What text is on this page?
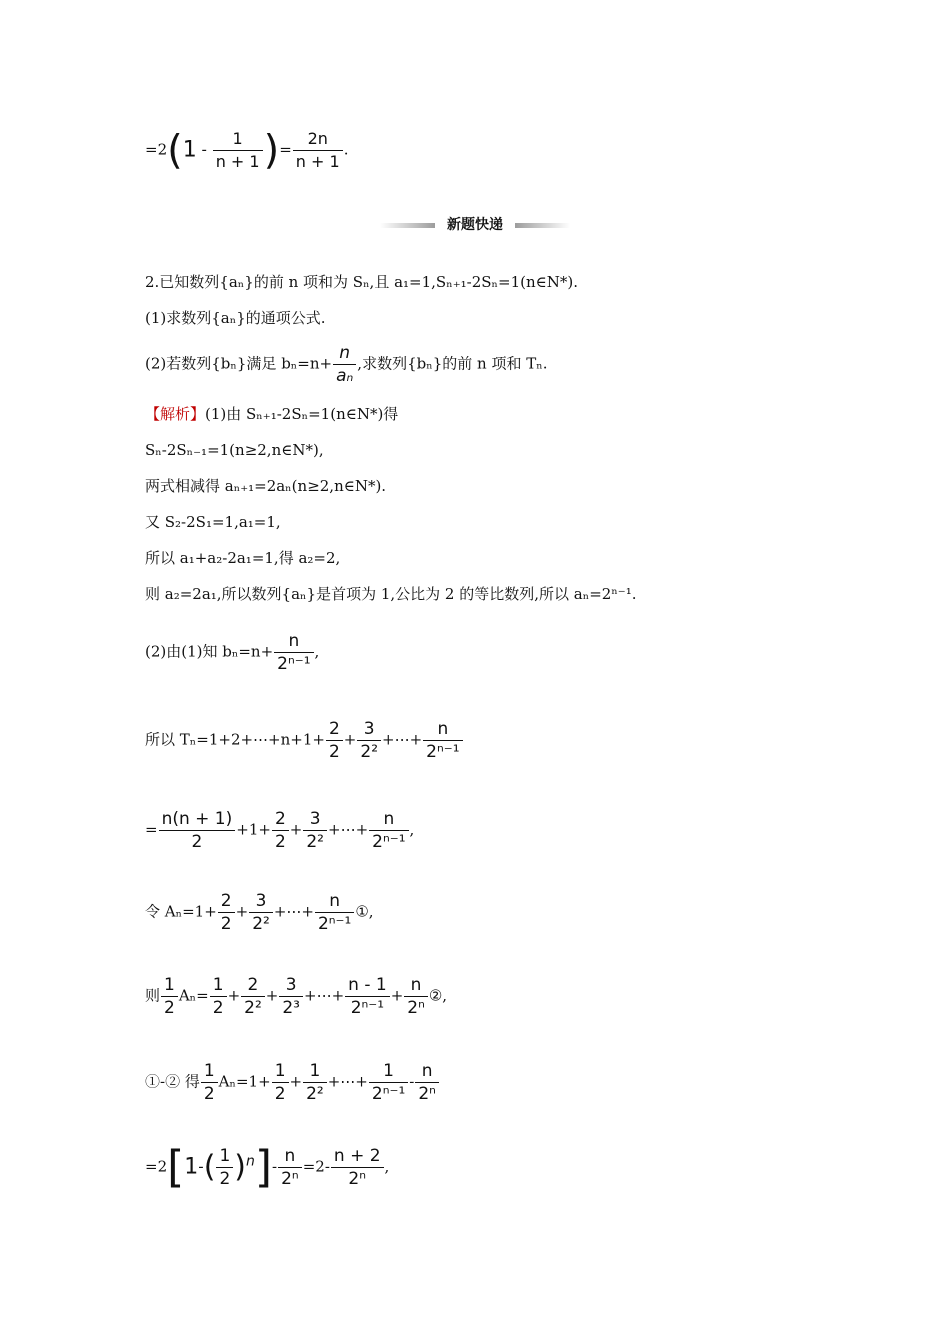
$=2(1 - \frac{1}{n + 1}$ )= $\frac{2n}{n + 1}$ .
新题快递
2.已知数列{aₙ}的前 n 项和为 Sₙ,且 a₁=1,Sₙ₊₁-2Sₙ=1(n∈N*).
(1)求数列{aₙ}的通项公式.
(2)若数列{bₙ}满足 $b_n=n+ \frac{n}{\text{aₙ}}$ ,求数列{bₙ}的前 n 项和 Tₙ.
【解析】(1)由 Sₙ₊₁-2Sₙ=1(n∈N*)得
Sₙ-2Sₙ₋₁=1(n≥2,n∈N*),
两式相减得 aₙ₊₁=2aₙ(n≥2,n∈N*).
又 S₂-2S₁=1,a₁=1,
所以 a₁+a₂-2a₁=1,得 a₂=2,
则 a₂=2a₁,所以数列{aₙ}是首项为 1,公比为 2 的等比数列,所以 aₙ=2ⁿ⁻¹.
(2)由(1)知 $b_n=n+ \frac{n}{\text{2ⁿ⁻¹}}$ ,
所以 Tₙ=1+2+⋯+n+1+ $\frac{2}{2} + \frac{3}{\text{2²}}$ +⋯+ $\frac{n}{\text{2ⁿ⁻¹}}$
= $\frac{n(n + 1)}{2} +1+ \frac{2}{2} + \frac{3}{\text{2²}}$ +⋯+ $\frac{n}{\text{2ⁿ⁻¹}}$ ,
令 $A_n=1+ \frac{2}{2} + \frac{3}{\text{2²}}$ +⋯+ $\frac{n}{\text{2ⁿ⁻¹}}$ ①,
则 $\frac{1}{2} A_n= \frac{1}{2} + \frac{2}{\text{2²}} + \frac{3}{\text{2³}}$ +⋯+ $\frac{n - 1}{\text{2ⁿ⁻¹}} + \frac{n}{\text{2ⁿ}}$ ②,
①-② 得 $\frac{1}{2} A_n=1+ \frac{1}{2} + \frac{1}{\text{2²}}$ +⋯+ $\frac{1}{\text{2ⁿ⁻¹}} - \frac{n}{\text{2ⁿ}}$
$=2[1-( \frac{1}{2} )n]- \frac{n}{\text{2ⁿ}} =2- \frac{n + 2}{\text{2ⁿ}}$ ,
